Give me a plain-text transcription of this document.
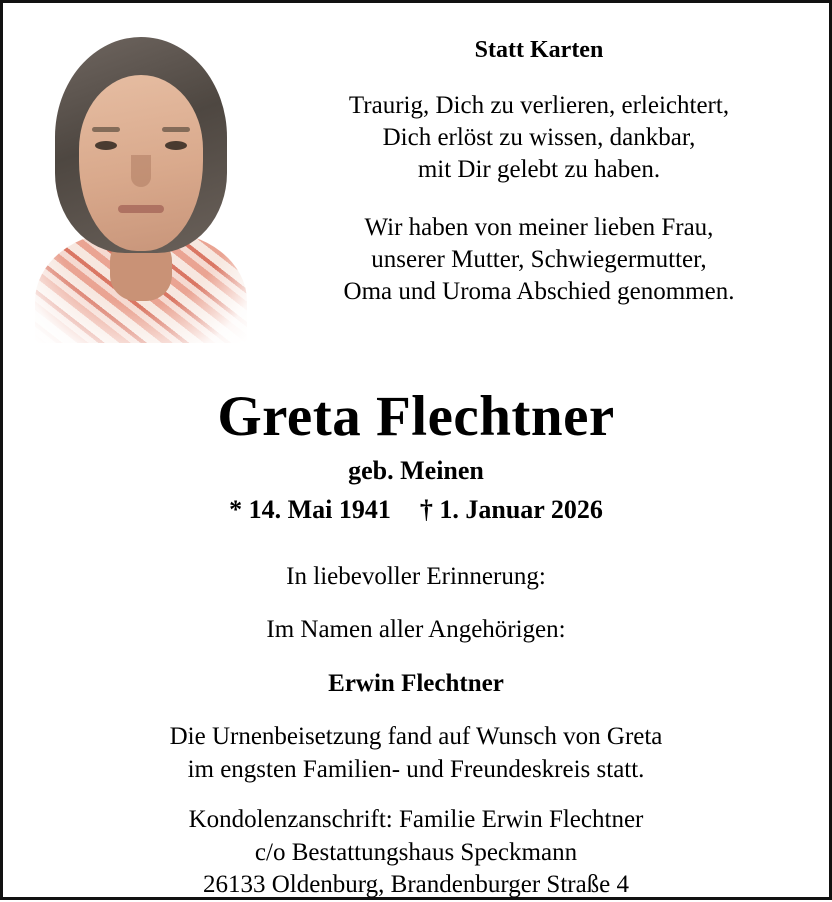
Statt Karten

Traurig, Dich zu verlieren, erleichtert,

Dich erlöst zu wissen, dankbar,

mit Dir gelebt zu haben.

Wir haben von meiner lieben Frau,

unserer Mutter, Schwiegermutter,

Oma und Uroma Abschied genommen.

Greta Flechtner
geb. Meinen
* 14. Mai 1941 † 1. Januar 2026
In liebevoller Erinnerung:
Im Namen aller Angehörigen:
Erwin Flechtner

Die Urnenbeisetzung fand auf Wunsch von Greta

im engsten Familien- und Freundeskreis statt.

Kondolenzanschrift: Familie Erwin Flechtner

c/o Bestattungshaus Speckmann

26133 Oldenburg, Brandenburger Straße 4
